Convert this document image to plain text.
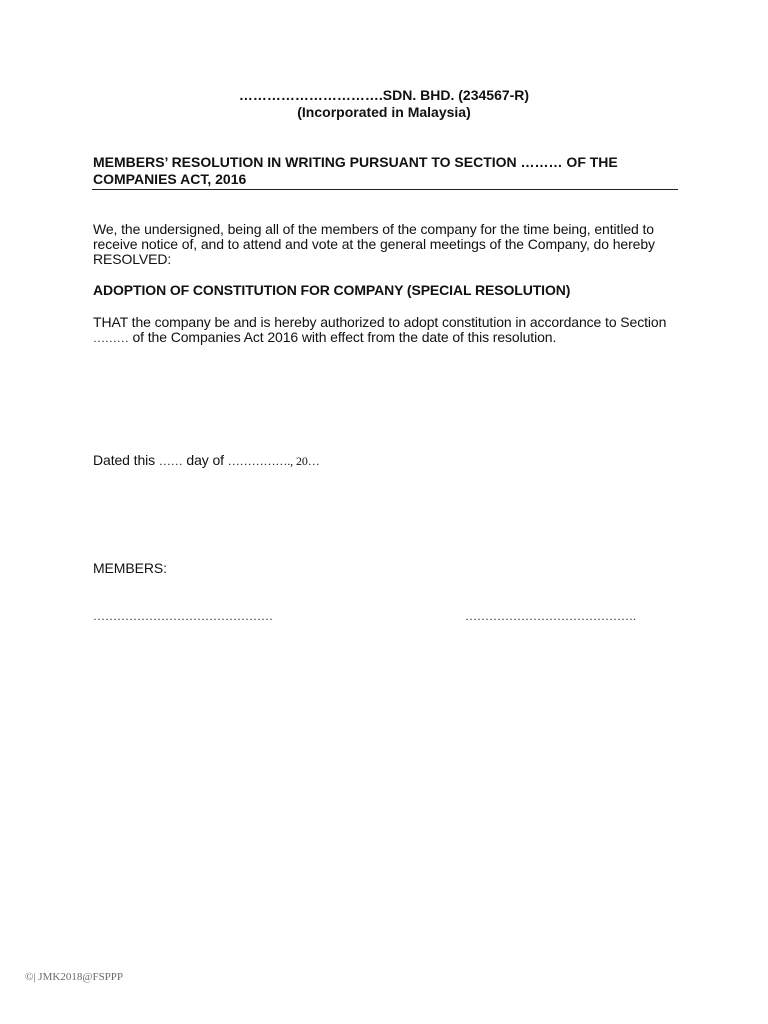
………………………….SDN. BHD. (234567-R)
(Incorporated in Malaysia)

MEMBERS’ RESOLUTION IN WRITING PURSUANT TO SECTION ……… OF THE COMPANIES ACT, 2016

We, the undersigned, being all of the members of the company for the time being, entitled to receive notice of, and to attend and vote at the general meetings of the Company, do hereby RESOLVED:

ADOPTION OF CONSTITUTION FOR COMPANY (SPECIAL RESOLUTION)

THAT the company be and is hereby authorized to adopt constitution in accordance to Section
……… of the Companies Act 2016 with effect from the date of this resolution.

Dated this …… day of ……………., 20…

MEMBERS:

………………………………………	…………………………………….
©| JMK2018@FSPPP
